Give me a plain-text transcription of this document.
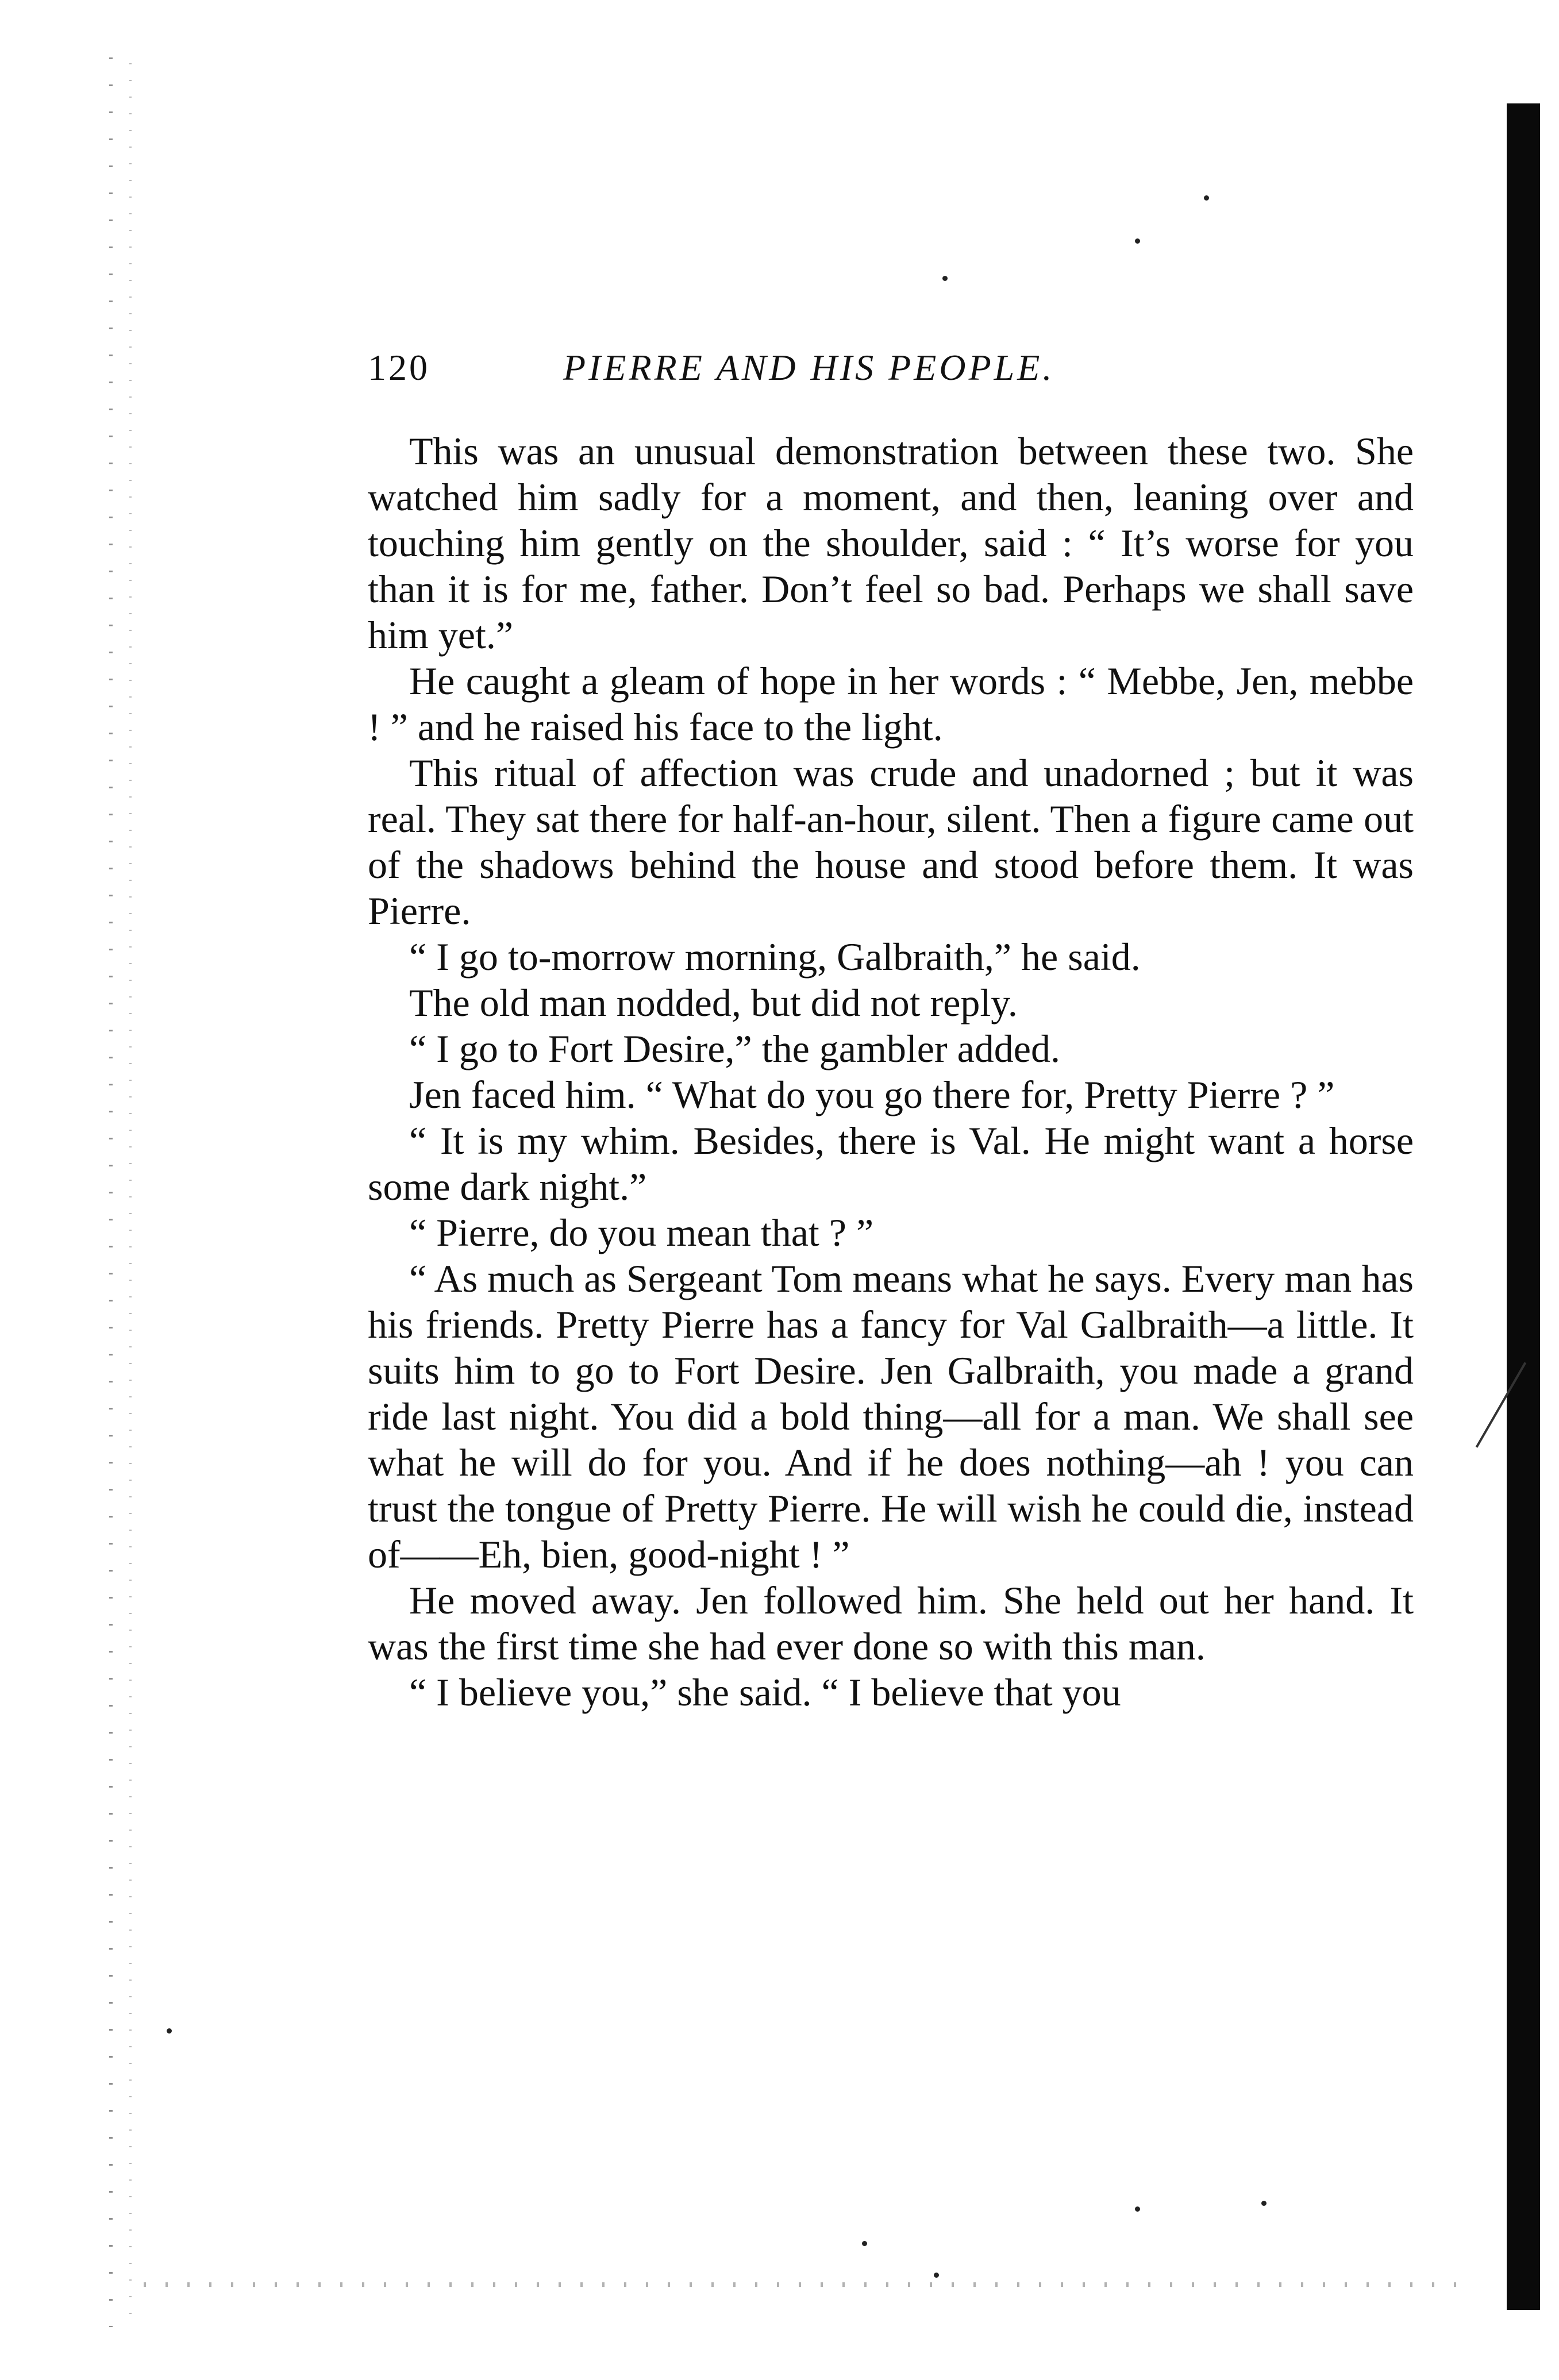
120	PIERRE AND HIS PEOPLE.

This was an unusual demonstration between these two. She watched him sadly for a moment, and then, leaning over and touching him gently on the shoulder, said : “ It’s worse for you than it is for me, father. Don’t feel so bad. Perhaps we shall save him yet.”

He caught a gleam of hope in her words : “ Mebbe, Jen, mebbe ! ” and he raised his face to the light.

This ritual of affection was crude and unadorned ; but it was real. They sat there for half-an-hour, silent. Then a figure came out of the shadows behind the house and stood before them. It was Pierre.

“ I go to-morrow morning, Galbraith,” he said.

The old man nodded, but did not reply.

“ I go to Fort Desire,” the gambler added.

Jen faced him. “ What do you go there for, Pretty Pierre ? ”

“ It is my whim. Besides, there is Val. He might want a horse some dark night.”

“ Pierre, do you mean that ? ”

“ As much as Sergeant Tom means what he says. Every man has his friends. Pretty Pierre has a fancy for Val Galbraith—a little. It suits him to go to Fort Desire. Jen Galbraith, you made a grand ride last night. You did a bold thing—all for a man. We shall see what he will do for you. And if he does nothing—ah ! you can trust the tongue of Pretty Pierre. He will wish he could die, instead of——Eh, bien, good-night ! ”

He moved away. Jen followed him. She held out her hand. It was the first time she had ever done so with this man.

“ I believe you,” she said. “ I believe that you
